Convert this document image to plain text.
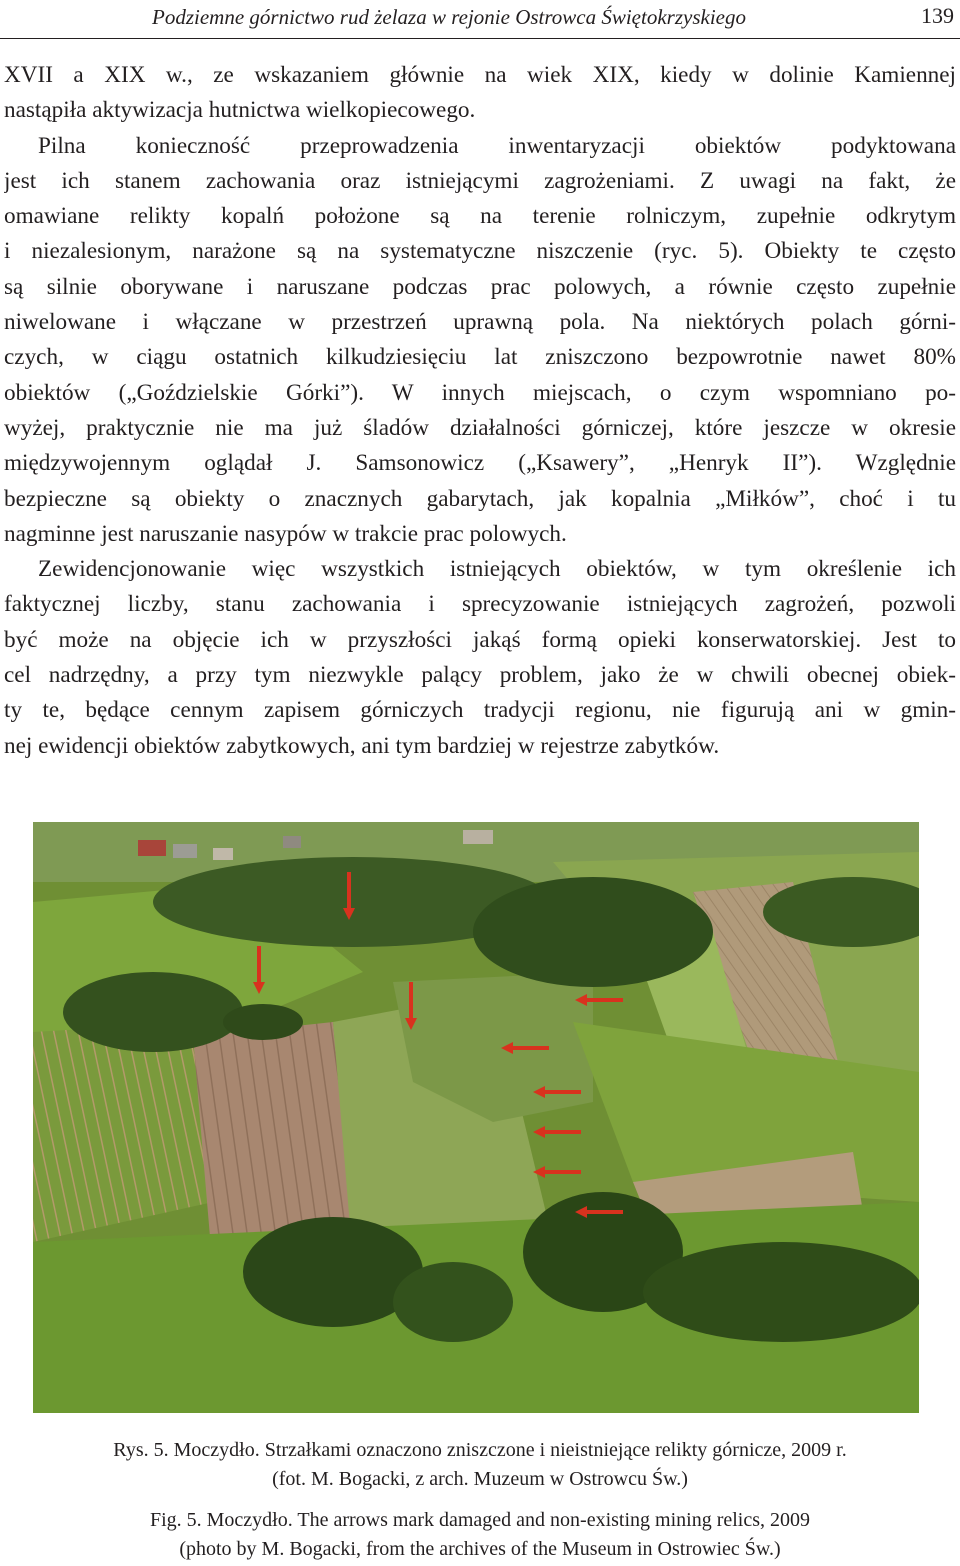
Podziemne górnictwo rud żelaza w rejonie Ostrowca Świętokrzyskiego	139
XVII a XIX w., ze wskazaniem głównie na wiek XIX, kiedy w dolinie Kamiennej
nastąpiła aktywizacja hutnictwa wielkopiecowego.
Pilna konieczność przeprowadzenia inwentaryzacji obiektów podyktowana
jest ich stanem zachowania oraz istniejącymi zagrożeniami. Z uwagi na fakt, że
omawiane relikty kopalń położone są na terenie rolniczym, zupełnie odkrytym
i niezalesionym, narażone są na systematyczne niszczenie (ryc. 5). Obiekty te często
są silnie oborywane i naruszane podczas prac polowych, a równie często zupełnie
niwelowane i włączane w przestrzeń uprawną pola. Na niektórych polach górni-
czych, w ciągu ostatnich kilkudziesięciu lat zniszczono bezpowrotnie nawet 80%
obiektów („Goździelskie Górki”). W innych miejscach, o czym wspomniano po-
wyżej, praktycznie nie ma już śladów działalności górniczej, które jeszcze w okresie
międzywojennym oglądał J. Samsonowicz („Ksawery”, „Henryk II”). Względnie
bezpieczne są obiekty o znacznych gabarytach, jak kopalnia „Miłków”, choć i tu
nagminne jest naruszanie nasypów w trakcie prac polowych.
Zewidencjonowanie więc wszystkich istniejących obiektów, w tym określenie ich
faktycznej liczby, stanu zachowania i sprecyzowanie istniejących zagrożeń, pozwoli
być może na objęcie ich w przyszłości jakąś formą opieki konserwatorskiej. Jest to
cel nadrzędny, a przy tym niezwykle palący problem, jako że w chwili obecnej obiek-
ty te, będące cennym zapisem górniczych tradycji regionu, nie figurują ani w gmin-
nej ewidencji obiektów zabytkowych, ani tym bardziej w rejestrze zabytków.
Rys. 5. Moczydło. Strzałkami oznaczono zniszczone i nieistniejące relikty górnicze, 2009 r.
(fot. M. Bogacki, z arch. Muzeum w Ostrowcu Św.)
Fig. 5. Moczydło. The arrows mark damaged and non-existing mining relics, 2009
(photo by M. Bogacki, from the archives of the Museum in Ostrowiec Św.)
